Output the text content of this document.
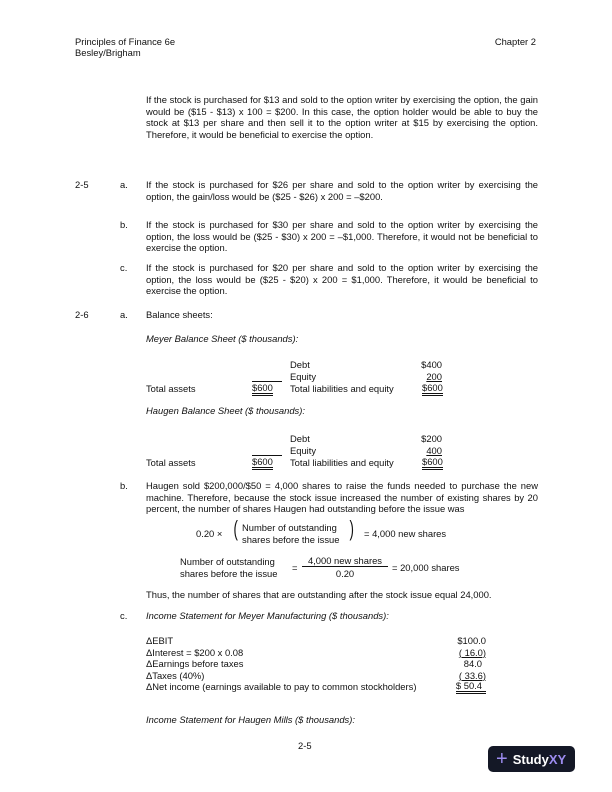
Principles of Finance 6e
Besley/Brigham
Chapter 2
If the stock is purchased for $13 and sold to the option writer by exercising the option, the gain would be ($15 - $13) x 100 = $200. In this case, the option holder would be able to buy the stock at $13 per share and then sell it to the option writer at $15 by exercising the option. Therefore, it would be beneficial to exercise the option.
2-5	a. If the stock is purchased for $26 per share and sold to the option writer by exercising the option, the gain/loss would be ($25 - $26) x 200 = –$200.
b. If the stock is purchased for $30 per share and sold to the option writer by exercising the option, the loss would be ($25 - $30) x 200 = –$1,000. Therefore, it would not be beneficial to exercise the option.
c. If the stock is purchased for $20 per share and sold to the option writer by exercising the option, the loss would be ($25 - $20) x 200 = $1,000. Therefore, it would be beneficial to exercise the option.
2-6	a. Balance sheets:
Meyer Balance Sheet ($ thousands):
Debt	$400
Equity	200
Total assets	$600 Total liabilities and equity	$600
Haugen Balance Sheet ($ thousands):
Debt	$200
Equity	400
Total assets	$600 Total liabilities and equity	$600
b. Haugen sold $200,000/$50 = 4,000 shares to raise the funds needed to purchase the new machine. Therefore, because the stock issue increased the number of existing shares by 20 percent, the number of shares Haugen had outstanding before the issue was
0.20 × ( Number of outstanding
shares before the issue ) = 4,000 new shares
Number of outstanding
shares before the issue
=
4,000 new shares
0.20
= 20,000 shares
Thus, the number of shares that are outstanding after the stock issue equal 24,000.
c. Income Statement for Meyer Manufacturing ($ thousands):
ΔEBIT	$100.0
ΔInterest = $200 x 0.08	( 16.0)
ΔEarnings before taxes	84.0
ΔTaxes (40%)	( 33.6)
ΔNet income (earnings available to pay to common stockholders)	$ 50.4
Income Statement for Haugen Mills ($ thousands):
2-5
+ StudyXY
